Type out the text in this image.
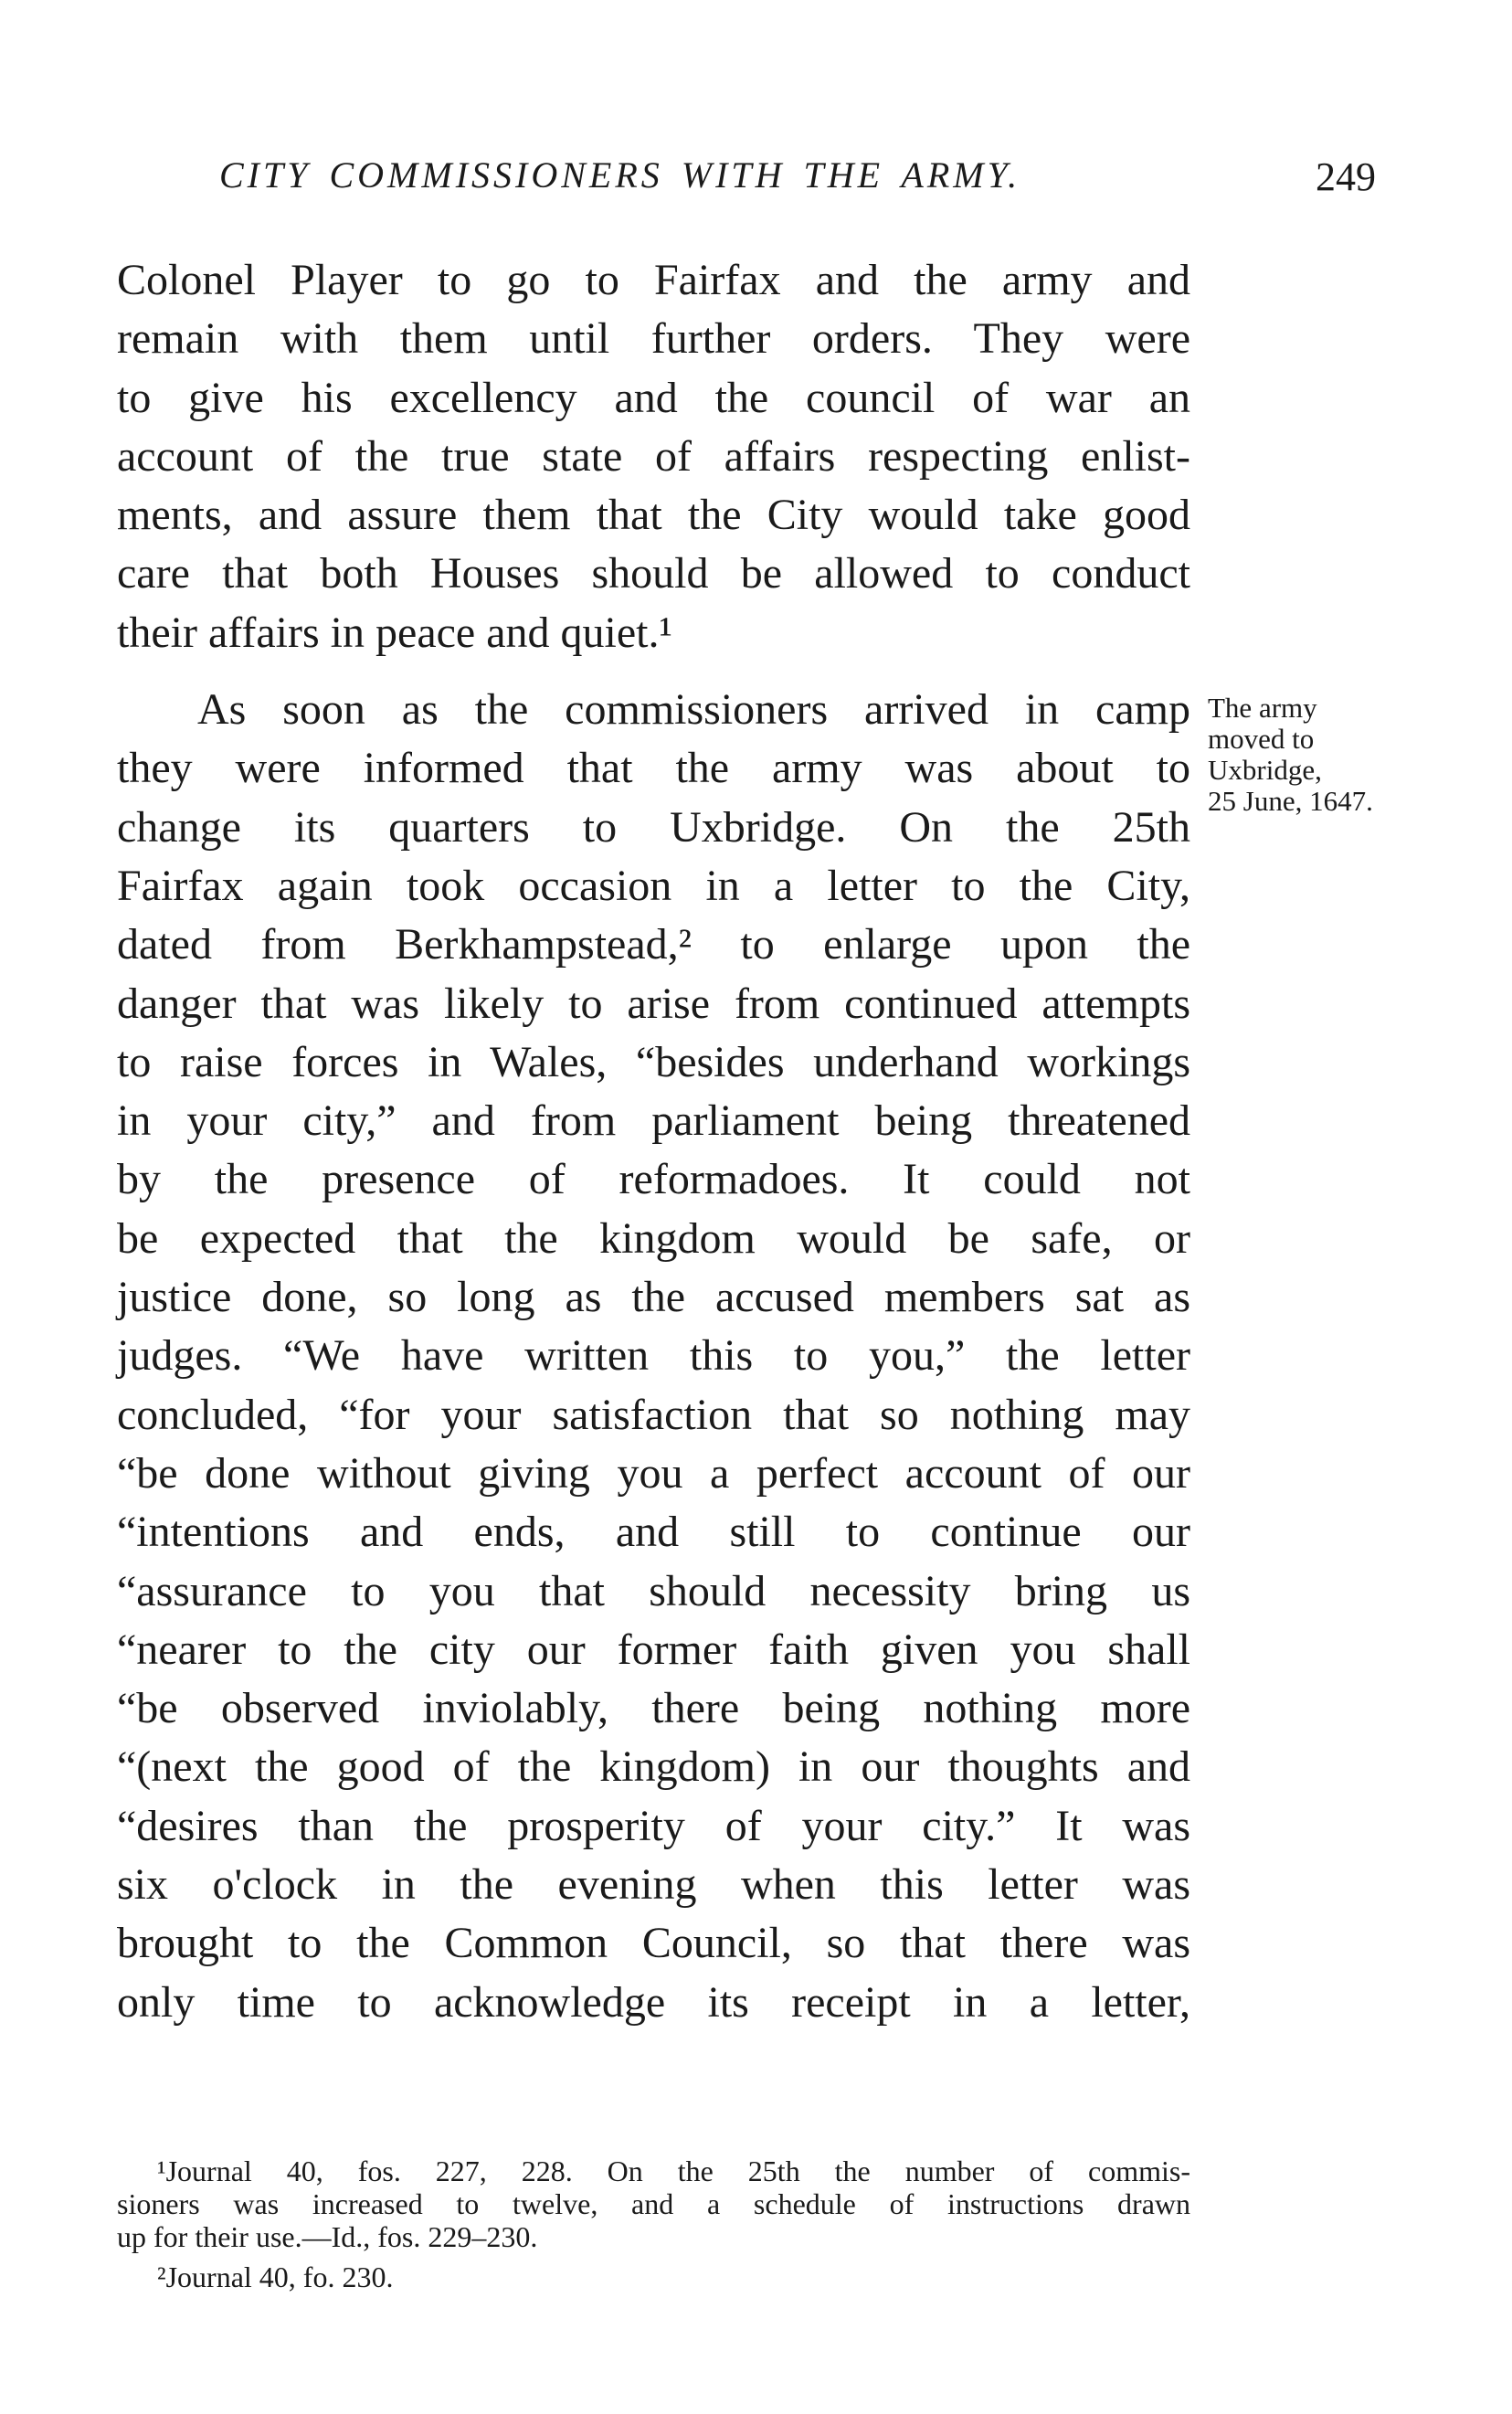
CITY COMMISSIONERS WITH THE ARMY.	249
Colonel Player to go to Fairfax and the army and
remain with them until further orders. They were
to give his excellency and the council of war an
account of the true state of affairs respecting enlist-
ments, and assure them that the City would take good
care that both Houses should be allowed to conduct
their affairs in peace and quiet.¹
As soon as the commissioners arrived in camp
they were informed that the army was about to
change its quarters to Uxbridge. On the 25th
Fairfax again took occasion in a letter to the City,
dated from Berkhampstead,² to enlarge upon the
danger that was likely to arise from continued attempts
to raise forces in Wales, “besides underhand workings
in your city,” and from parliament being threatened
by the presence of reformadoes. It could not
be expected that the kingdom would be safe, or
justice done, so long as the accused members sat as
judges. “We have written this to you,” the letter
concluded, “for your satisfaction that so nothing may
“be done without giving you a perfect account of our
“intentions and ends, and still to continue our
“assurance to you that should necessity bring us
“nearer to the city our former faith given you shall
“be observed inviolably, there being nothing more
“(next the good of the kingdom) in our thoughts and
“desires than the prosperity of your city.” It was
six o'clock in the evening when this letter was
brought to the Common Council, so that there was
only time to acknowledge its receipt in a letter,
The army
moved to
Uxbridge,
25 June, 1647.
¹Journal 40, fos. 227, 228. On the 25th the number of commis-
sioners was increased to twelve, and a schedule of instructions drawn
up for their use.—Id., fos. 229–230.
²Journal 40, fo. 230.
